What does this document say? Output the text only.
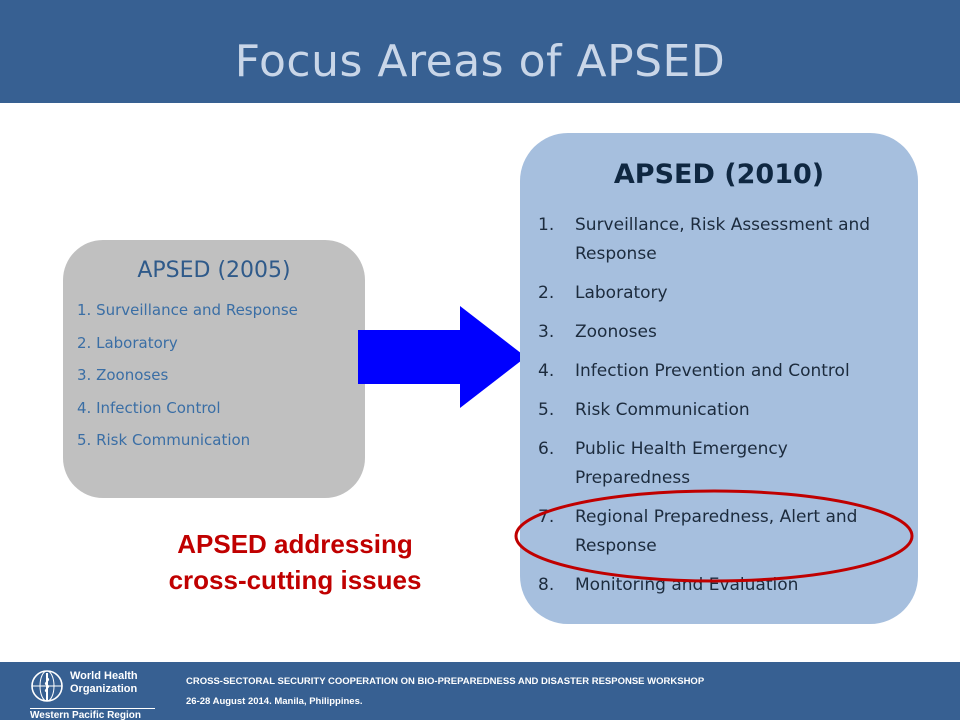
Focus Areas of APSED
APSED (2005)
1. Surveillance and Response
2. Laboratory
3. Zoonoses
4. Infection Control
5. Risk Communication
APSED (2010)
1. Surveillance, Risk Assessment and Response
2. Laboratory
3. Zoonoses
4. Infection Prevention and Control
5. Risk Communication
6. Public Health Emergency Preparedness
7. Regional Preparedness, Alert and Response
8. Monitoring and Evaluation
APSED addressing
cross-cutting issues
World Health
Organization
Western Pacific Region
CROSS-SECTORAL SECURITY COOPERATION ON BIO-PREPAREDNESS AND DISASTER RESPONSE WORKSHOP
26-28 August 2014. Manila, Philippines.
